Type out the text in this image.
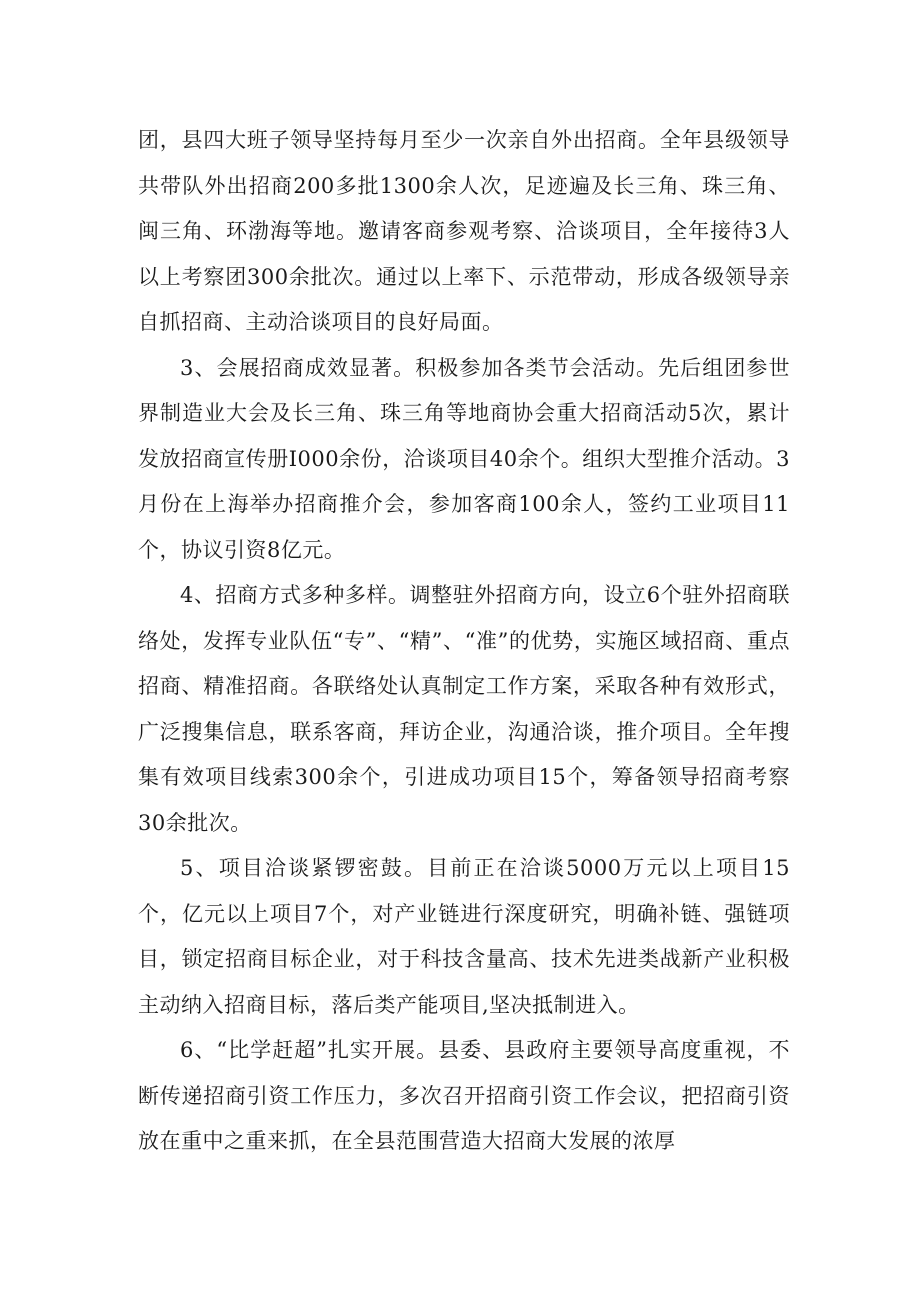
团，县四大班子领导坚持每月至少一次亲自外出招商。全年县级领导共带队外出招商200多批1300余人次，足迹遍及长三角、珠三角、闽三角、环渤海等地。邀请客商参观考察、洽谈项目，全年接待3人以上考察团300余批次。通过以上率下、示范带动，形成各级领导亲自抓招商、主动洽谈项目的良好局面。

3、会展招商成效显著。积极参加各类节会活动。先后组团参世界制造业大会及长三角、珠三角等地商协会重大招商活动5次，累计发放招商宣传册I000余份，洽谈项目40余个。组织大型推介活动。3月份在上海举办招商推介会，参加客商100余人，签约工业项目11个，协议引资8亿元。

4、招商方式多种多样。调整驻外招商方向，设立6个驻外招商联络处，发挥专业队伍“专”、“精”、“准”的优势，实施区域招商、重点招商、精准招商。各联络处认真制定工作方案，采取各种有效形式，广泛搜集信息，联系客商，拜访企业，沟通洽谈，推介项目。全年搜集有效项目线索300余个，引进成功项目15个，筹备领导招商考察30余批次。

5、项目洽谈紧锣密鼓。目前正在洽谈5000万元以上项目15个，亿元以上项目7个，对产业链进行深度研究，明确补链、强链项目，锁定招商目标企业，对于科技含量高、技术先进类战新产业积极主动纳入招商目标，落后类产能项目,坚决抵制进入。

6、“比学赶超”扎实开展。县委、县政府主要领导高度重视，不断传递招商引资工作压力，多次召开招商引资工作会议，把招商引资放在重中之重来抓，在全县范围营造大招商大发展的浓厚
